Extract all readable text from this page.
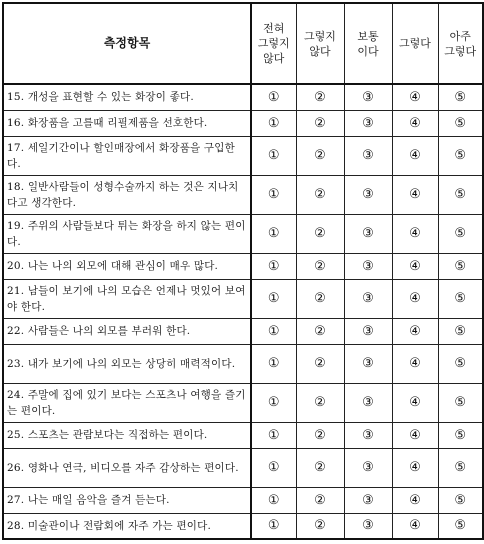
측정항목	전혀
그렇지
않다	그렇지
않다	보통
이다	그렇다	아주
그렇다
15. 개성을 표현할 수 있는 화장이 좋다.	①	②	③	④	⑤
16. 화장품을 고를때 리필제품을 선호한다.	①	②	③	④	⑤
17. 세일기간이나 할인매장에서 화장품을 구입한다.	①	②	③	④	⑤
18. 일반사람들이 성형수술까지 하는 것은 지나치다고 생각한다.	①	②	③	④	⑤
19. 주위의 사람들보다 튀는 화장을 하지 않는 편이다.	①	②	③	④	⑤
20. 나는 나의 외모에 대해 관심이 매우 많다.	①	②	③	④	⑤
21. 남들이 보기에 나의 모습은 언제나 멋있어 보여야 한다.	①	②	③	④	⑤
22. 사람들은 나의 외모를 부러워 한다.	①	②	③	④	⑤
23. 내가 보기에 나의 외모는 상당히 매력적이다.	①	②	③	④	⑤
24. 주말에 집에 있기 보다는 스포츠나 여행을 즐기는 편이다.	①	②	③	④	⑤
25. 스포츠는 관람보다는 직접하는 편이다.	①	②	③	④	⑤
26. 영화나 연극, 비디오를 자주 감상하는 편이다.	①	②	③	④	⑤
27. 나는 매일 음악을 즐겨 듣는다.	①	②	③	④	⑤
28. 미술관이나 전람회에 자주 가는 편이다.	①	②	③	④	⑤
